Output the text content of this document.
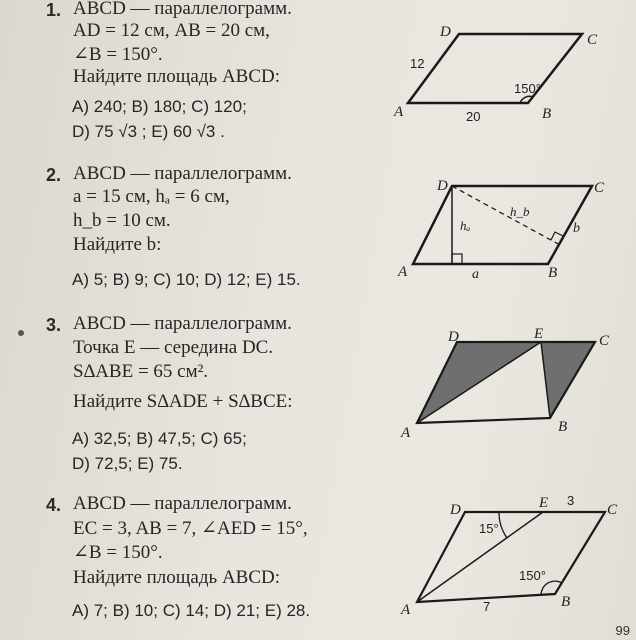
1. ABCD — параллелограмм.
AD = 12 см, AB = 20 см,
∠B = 150°.
Найдите площадь ABCD:
A) 240; B) 180; C) 120;
D) 75 √3 ; E) 60 √3 .
A	B
C
D
12
20
150°
2. ABCD — параллелограмм.
a = 15 см, hₐ = 6 см,
h_b = 10 см.
Найдите b:
A) 5; B) 9; C) 10; D) 12; E) 15.	A	B
C
D
hₐ
h_b
a
b
3. ABCD — параллелограмм.
Точка E — середина DC.
S∆ABE = 65 см².
Найдите S∆ADE + S∆BCE:
A) 32,5; B) 47,5; C) 65;
D) 72,5; E) 75.
A	B
C
D	E
4. ABCD — параллелограмм.
EC = 3, AB = 7, ∠AED = 15°,
∠B = 150°.
Найдите площадь ABCD:
A) 7; B) 10; C) 14; D) 21; E) 28.	A	B
C
D	E 3
7
15°
150°
99
